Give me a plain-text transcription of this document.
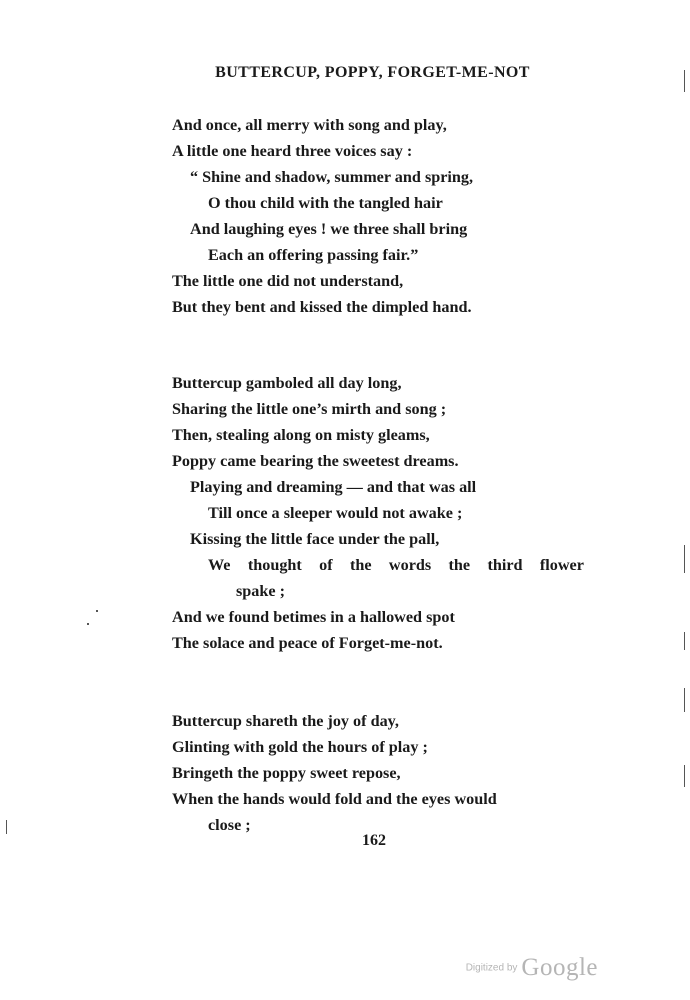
BUTTERCUP, POPPY, FORGET-ME-NOT

And once, all merry with song and play,

A little one heard three voices say :

“ Shine and shadow, summer and spring,

O thou child with the tangled hair

And laughing eyes ! we three shall bring

Each an offering passing fair.”

The little one did not understand,

But they bent and kissed the dimpled hand.

Buttercup gamboled all day long,

Sharing the little one’s mirth and song ;

Then, stealing along on misty gleams,

Poppy came bearing the sweetest dreams.

Playing and dreaming — and that was all

Till once a sleeper would not awake ;

Kissing the little face under the pall,

We thought of the words the third flower

spake ;

And we found betimes in a hallowed spot

The solace and peace of Forget-me-not.

Buttercup shareth the joy of day,

Glinting with gold the hours of play ;

Bringeth the poppy sweet repose,

When the hands would fold and the eyes would

close ;

162

Digitized by Google
